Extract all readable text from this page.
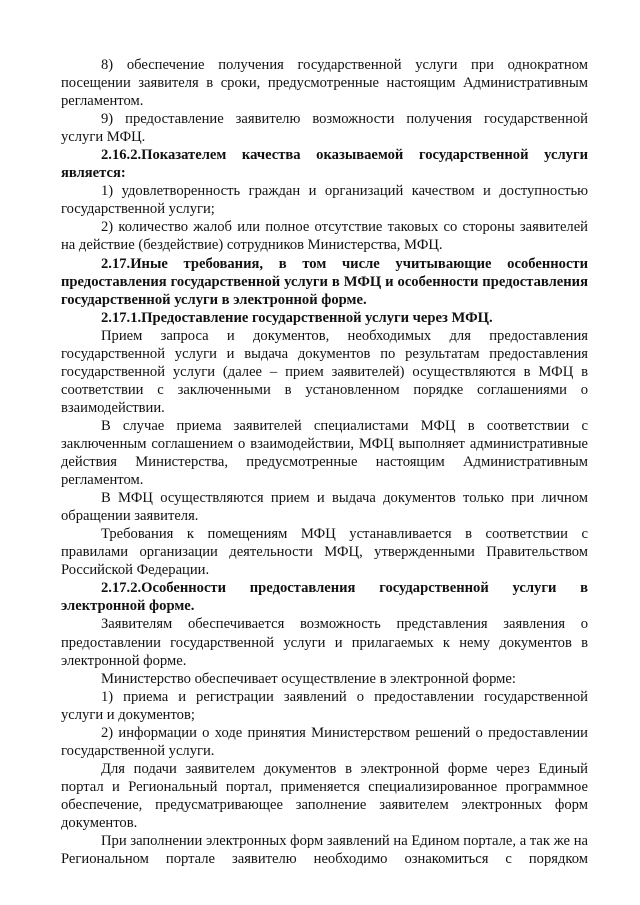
8) обеспечение получения государственной услуги при однократном посещении заявителя в сроки, предусмотренные настоящим Административным регламентом.

9) предоставление заявителю возможности получения государственной услуги МФЦ.

2.16.2.Показателем качества оказываемой государственной услуги является:

1) удовлетворенность граждан и организаций качеством и доступностью государственной услуги;

2) количество жалоб или полное отсутствие таковых со стороны заявителей на действие (бездействие) сотрудников Министерства, МФЦ.

2.17.Иные требования, в том числе учитывающие особенности предоставления государственной услуги в МФЦ и особенности предоставления государственной услуги в электронной форме.

2.17.1.Предоставление государственной услуги через МФЦ.

Прием запроса и документов, необходимых для предоставления государственной услуги и выдача документов по результатам предоставления государственной услуги (далее – прием заявителей) осуществляются в МФЦ в соответствии с заключенными в установленном порядке соглашениями о взаимодействии.

В случае приема заявителей специалистами МФЦ в соответствии с заключенным соглашением о взаимодействии, МФЦ выполняет административные действия Министерства, предусмотренные настоящим Административным регламентом.

В МФЦ осуществляются прием и выдача документов только при личном обращении заявителя.

Требования к помещениям МФЦ устанавливается в соответствии с правилами организации деятельности МФЦ, утвержденными Правительством Российской Федерации.

2.17.2.Особенности предоставления государственной услуги в электронной форме.

Заявителям обеспечивается возможность представления заявления о предоставлении государственной услуги и прилагаемых к нему документов в электронной форме.

Министерство обеспечивает осуществление в электронной форме:

1) приема и регистрации заявлений о предоставлении государственной услуги и документов;

2) информации о ходе принятия Министерством решений о предоставлении государственной услуги.

Для подачи заявителем документов в электронной форме через Единый портал и Региональный портал, применяется специализированное программное обеспечение, предусматривающее заполнение заявителем электронных форм документов.

При заполнении электронных форм заявлений на Едином портале, а так же на Региональном портале заявителю необходимо ознакомиться с порядком
